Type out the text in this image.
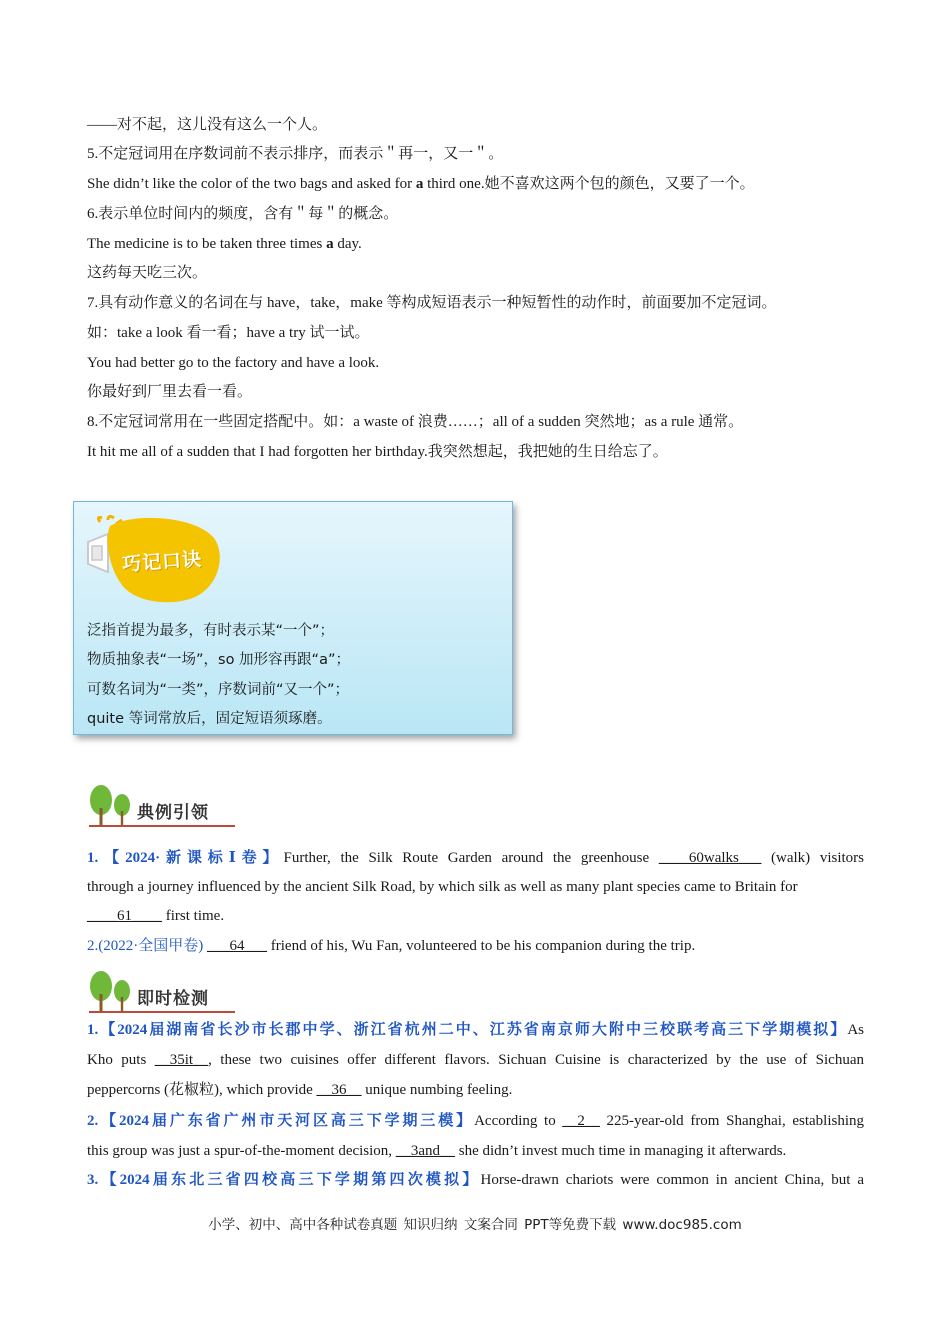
——对不起，这儿没有这么一个人。
5.不定冠词用在序数词前不表示排序，而表示＂再一，又一＂。
She didn’t like the color of the two bags and asked for a third one.她不喜欢这两个包的颜色，又要了一个。
6.表示单位时间内的频度，含有＂每＂的概念。
The medicine is to be taken three times a day.
这药每天吃三次。
7.具有动作意义的名词在与 have，take，make 等构成短语表示一种短暂性的动作时，前面要加不定冠词。
如：take a look 看一看；have a try 试一试。
You had better go to the factory and have a look.
你最好到厂里去看一看。
8.不定冠词常用在一些固定搭配中。如：a waste of 浪费……；all of a sudden 突然地；as a rule 通常。
It hit me all of a sudden that I had forgotten her birthday.我突然想起，我把她的生日给忘了。
巧记口诀
泛指首提为最多，有时表示某“一个”；
物质抽象表“一场”，so 加形容再跟“a”；
可数名词为“一类”，序数词前“又一个”；
quite 等词常放后，固定短语须琢磨。
典例引领
1.【2024·新课标Ⅰ卷】Further, the Silk Route Garden around the greenhouse ____60walks___ (walk) visitors
through a journey influenced by the ancient Silk Road, by which silk as well as many plant species came to Britain for
____61____ first time.
2.(2022·全国甲卷) ___64___ friend of his, Wu Fan, volunteered to be his companion during the trip.
即时检测
1.【2024届湖南省长沙市长郡中学、浙江省杭州二中、江苏省南京师大附中三校联考高三下学期模拟】As
Kho puts __35it__, these two cuisines offer different flavors. Sichuan Cuisine is characterized by the use of Sichuan
peppercorns (花椒粒), which provide __36__ unique numbing feeling.
2.【2024届广东省广州市天河区高三下学期三模】According to __2__ 225-year-old from Shanghai, establishing
this group was just a spur-of-the-moment decision, __3and__ she didn’t invest much time in managing it afterwards.
3.【2024届东北三省四校高三下学期第四次模拟】Horse-drawn chariots were common in ancient China, but a
小学、初中、高中各种试卷真题 知识归纳 文案合同 PPT等免费下载 www.doc985.com
